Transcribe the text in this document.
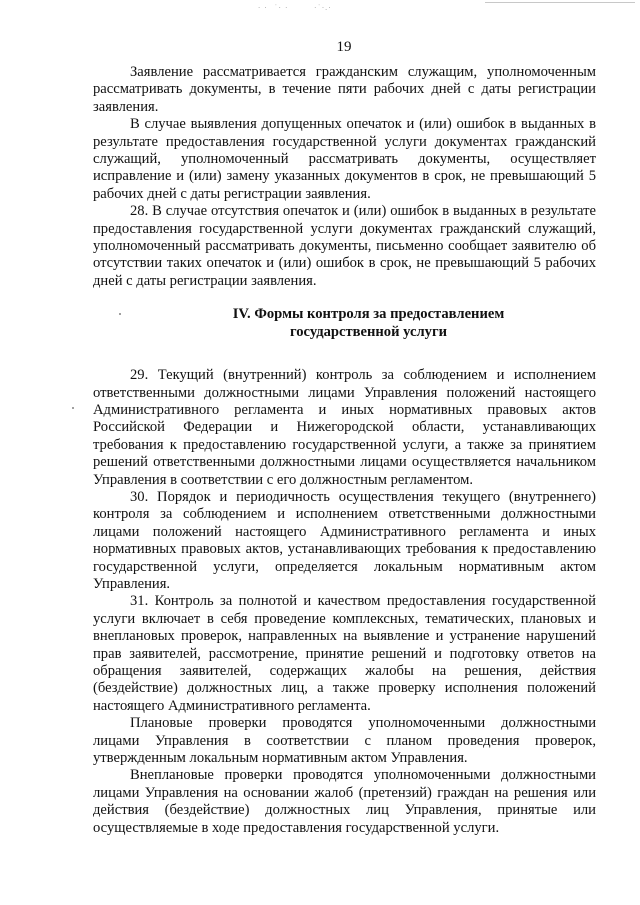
· ·  ˙· ·        ·˙·.·
19

Заявление рассматривается гражданским служащим, уполномоченным рассматривать документы, в течение пяти рабочих дней с даты регистрации заявления.

В случае выявления допущенных опечаток и (или) ошибок в выданных в результате предоставления государственной услуги документах гражданский служащий, уполномоченный рассматривать документы, осуществляет исправление и (или) замену указанных документов в срок, не превышающий 5 рабочих дней с даты регистрации заявления.

28. В случае отсутствия опечаток и (или) ошибок в выданных в результате предоставления государственной услуги документах гражданский служащий, уполномоченный рассматривать документы, письменно сообщает заявителю об отсутствии таких опечаток и (или) ошибок в срок, не превышающий 5 рабочих дней с даты регистрации заявления.

IV. Формы контроля за предоставлением
государственной услуги

29. Текущий (внутренний) контроль за соблюдением и исполнением ответственными должностными лицами Управления положений настоящего Административного регламента и иных нормативных правовых актов Российской Федерации и Нижегородской области, устанавливающих требования к предоставлению государственной услуги, а также за принятием решений ответственными должностными лицами осуществляется начальником Управления в соответствии с его должностным регламентом.

30. Порядок и периодичность осуществления текущего (внутреннего) контроля за соблюдением и исполнением ответственными должностными лицами положений настоящего Административного регламента и иных нормативных правовых актов, устанавливающих требования к предоставлению государственной услуги, определяется локальным нормативным актом Управления.

31. Контроль за полнотой и качеством предоставления государственной услуги включает в себя проведение комплексных, тематических, плановых и внеплановых проверок, направленных на выявление и устранение нарушений прав заявителей, рассмотрение, принятие решений и подготовку ответов на обращения заявителей, содержащих жалобы на решения, действия (бездействие) должностных лиц, а также проверку исполнения положений настоящего Административного регламента.

Плановые проверки проводятся уполномоченными должностными лицами Управления в соответствии с планом проведения проверок, утвержденным локальным нормативным актом Управления.

Внеплановые проверки проводятся уполномоченными должностными лицами Управления на основании жалоб (претензий) граждан на решения или действия (бездействие) должностных лиц Управления, принятые или осуществляемые в ходе предоставления государственной услуги.
